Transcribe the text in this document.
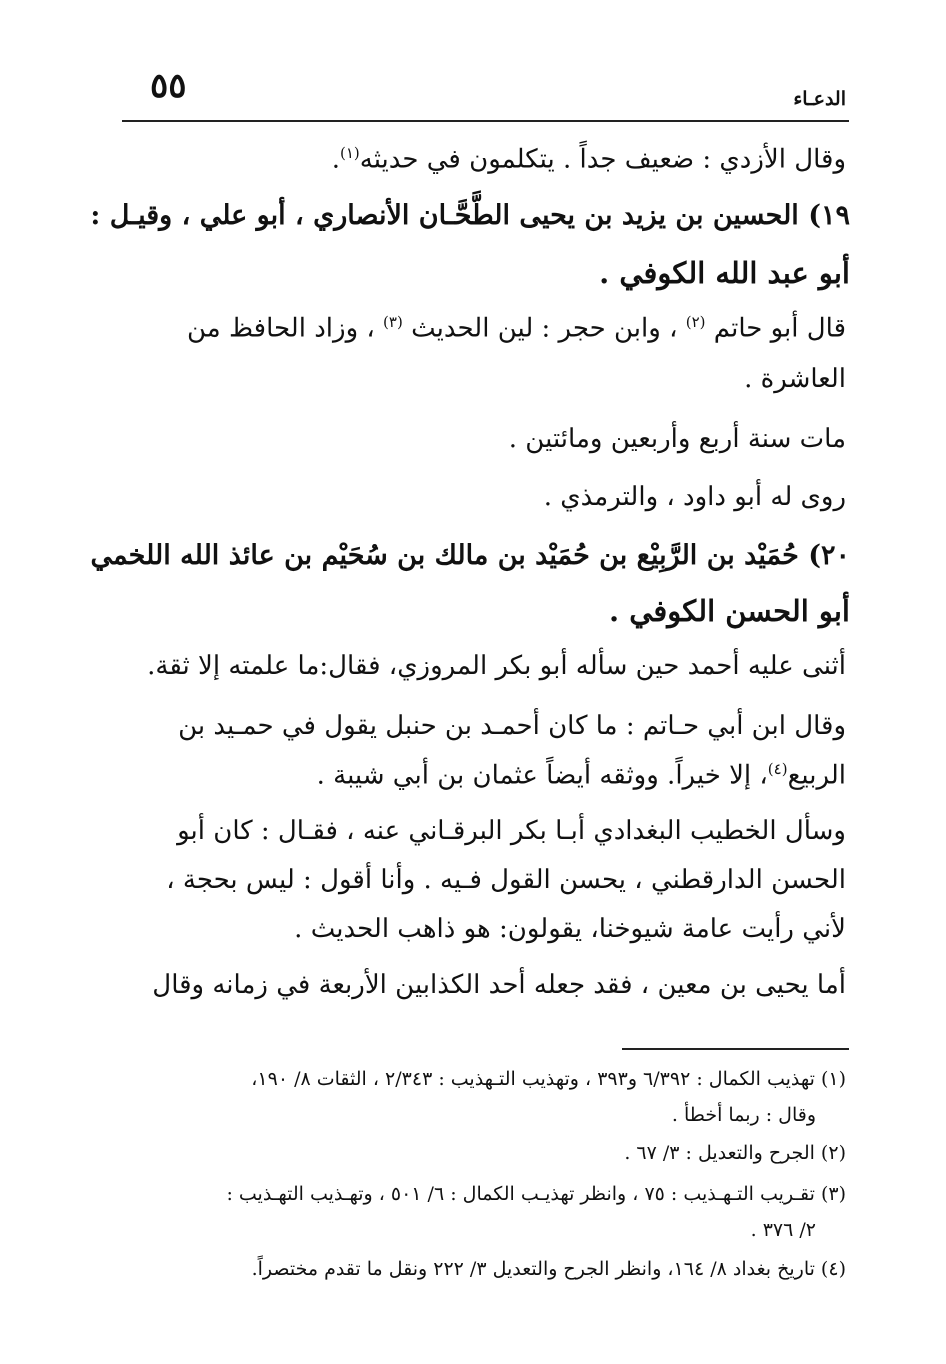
٥٥	الدعـاء
وقال الأزدي : ضعيف جداً . يتكلمون في حديثه$^{(١)}$.
١٩) الحسين بن يزيد بن يحيى الطَّحَّـان الأنصاري ، أبو علي ، وقيـل :
أبو عبد الله الكوفي .
قال أبو حاتم $^{(٢)}$ ، وابن حجر : لين الحديث $^{(٣)}$ ، وزاد الحافظ من
العاشرة .
مات سنة أربع وأربعين ومائتين .
روى له أبو داود ، والترمذي .
٢٠) حُمَيْد بن الرَّبِيْع بن حُمَيْد بن مالك بن سُحَيْم بن عائذ الله اللخمي
أبو الحسن الكوفي .
أثنى عليه أحمد حين سأله أبو بكر المروزي، فقال:ما علمته إلا ثقة.
وقال ابن أبي حـاتم : ما كان أحمـد بن حنبل يقول في حمـيد بن
الربيع$^{(٤)}$، إلا خيراً. ووثقه أيضاً عثمان بن أبي شيبة .
وسأل الخطيب البغدادي أبـا بكر البرقـاني عنه ، فقـال : كان أبو
الحسن الدارقطني ، يحسن القول فـيه . وأنا أقول : ليس بحجة ،
لأني رأيت عامة شيوخنا، يقولون: هو ذاهب الحديث .
أما يحيى بن معين ، فقد جعله أحد الكذابين الأربعة في زمانه وقال
(١) تهذيب الكمال : ٦/٣٩٢ و٣٩٣ ، وتهذيب التـهذيب : ٢/٣٤٣ ، الثقات ٨/ ١٩٠،
وقال : ربما أخطأ .
(٢) الجرح والتعديل : ٣/ ٦٧ .
(٣) تقـريب التـهـذيب : ٧٥ ، وانظر تهذيـب الكمال : ٦/ ٥٠١ ، وتهـذيب التهـذيب :
٢/ ٣٧٦ .
(٤) تاريخ بغداد ٨/ ١٦٤، وانظر الجرح والتعديل ٣/ ٢٢٢ ونقل ما تقدم مختصراً.
